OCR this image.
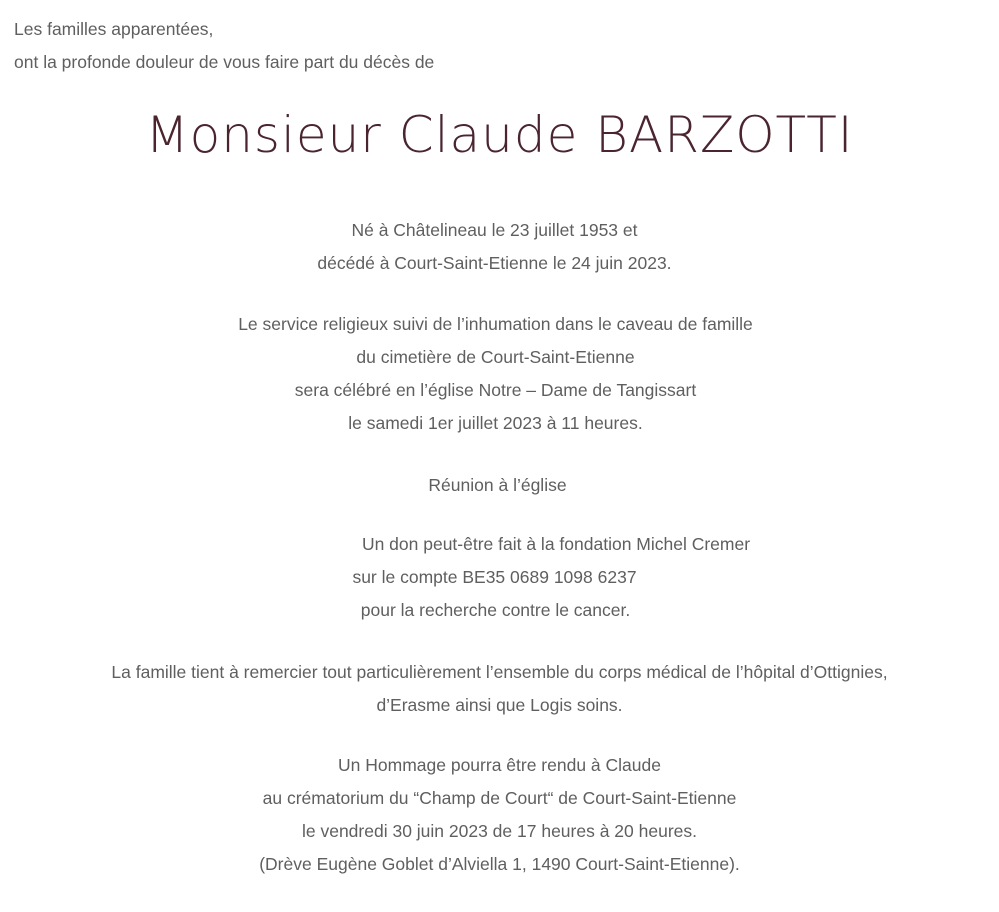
Les familles apparentées,

ont la profonde douleur de vous faire part du décès de

Monsieur Claude BARZOTTI

Né à Châtelineau le 23 juillet 1953 et

décédé à Court-Saint-Etienne le 24 juin 2023.

Le service religieux suivi de l’inhumation dans le caveau de famille

du cimetière de Court-Saint-Etienne

sera célébré en l’église Notre – Dame de Tangissart

le samedi 1er juillet 2023 à 11 heures.

Réunion à l’église

Un don peut-être fait à la fondation Michel Cremer

sur le compte BE35 0689 1098 6237

pour la recherche contre le cancer.

La famille tient à remercier tout particulièrement l’ensemble du corps médical de l’hôpital d’Ottignies,

d’Erasme ainsi que Logis soins.

Un Hommage pourra être rendu à Claude

au crématorium du “Champ de Court“ de Court-Saint-Etienne

le vendredi 30 juin 2023 de 17 heures à 20 heures.

(Drève Eugène Goblet d’Alviella 1, 1490 Court-Saint-Etienne).
